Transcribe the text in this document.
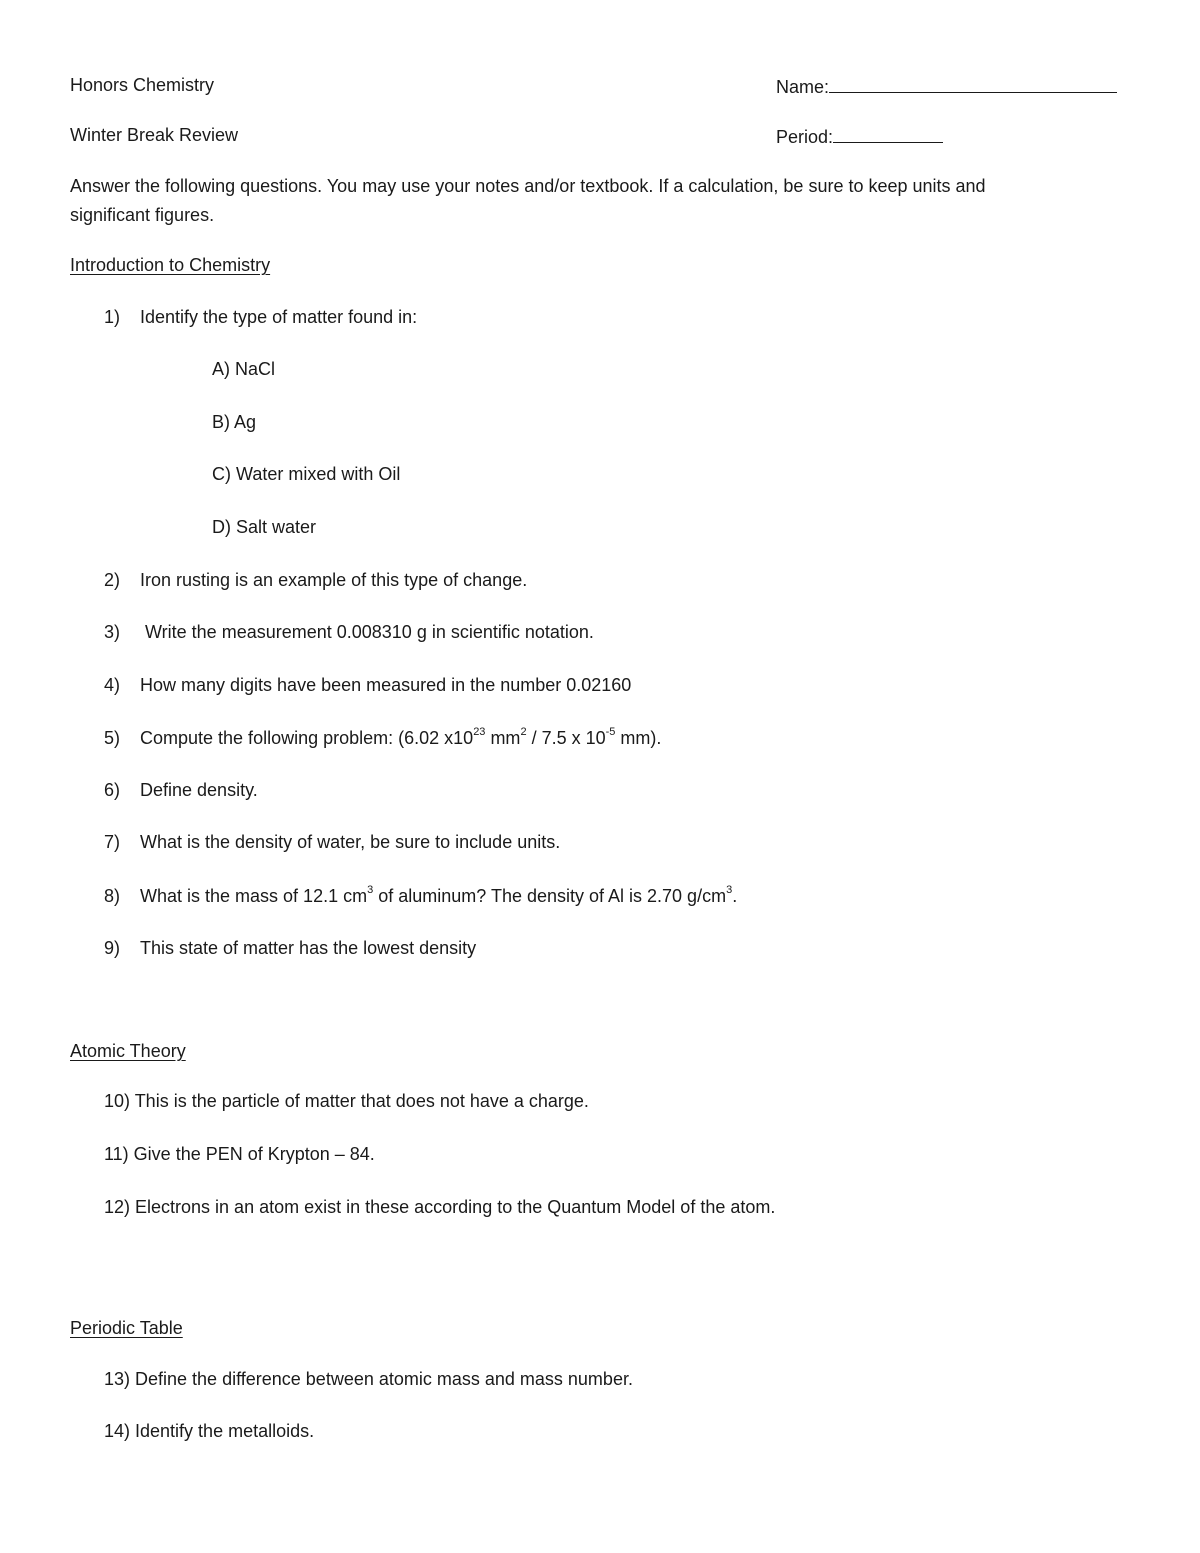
Honors Chemistry	Name:
Winter Break Review	Period:
Answer the following questions. You may use your notes and/or textbook. If a calculation, be sure to keep units and
significant figures.
Introduction to Chemistry
1) Identify the type of matter found in:
A) NaCl
B) Ag
C) Water mixed with Oil
D) Salt water
2) Iron rusting is an example of this type of change.
3) Write the measurement 0.008310 g in scientific notation.
4) How many digits have been measured in the number 0.02160
5) Compute the following problem: (6.02 $x10^{23}$ $mm^2 / 7.5$ x $10^{-5}$ mm).
6) Define density.
7) What is the density of water, be sure to include units.
8) What is the mass of 12.1 $cm^3$ of aluminum? The density of Al is 2.70 $g/cm^3$.
9) This state of matter has the lowest density
Atomic Theory
10) This is the particle of matter that does not have a charge.
11) Give the PEN of Krypton – 84.
12) Electrons in an atom exist in these according to the Quantum Model of the atom.
Periodic Table
13) Define the difference between atomic mass and mass number.
14) Identify the metalloids.
